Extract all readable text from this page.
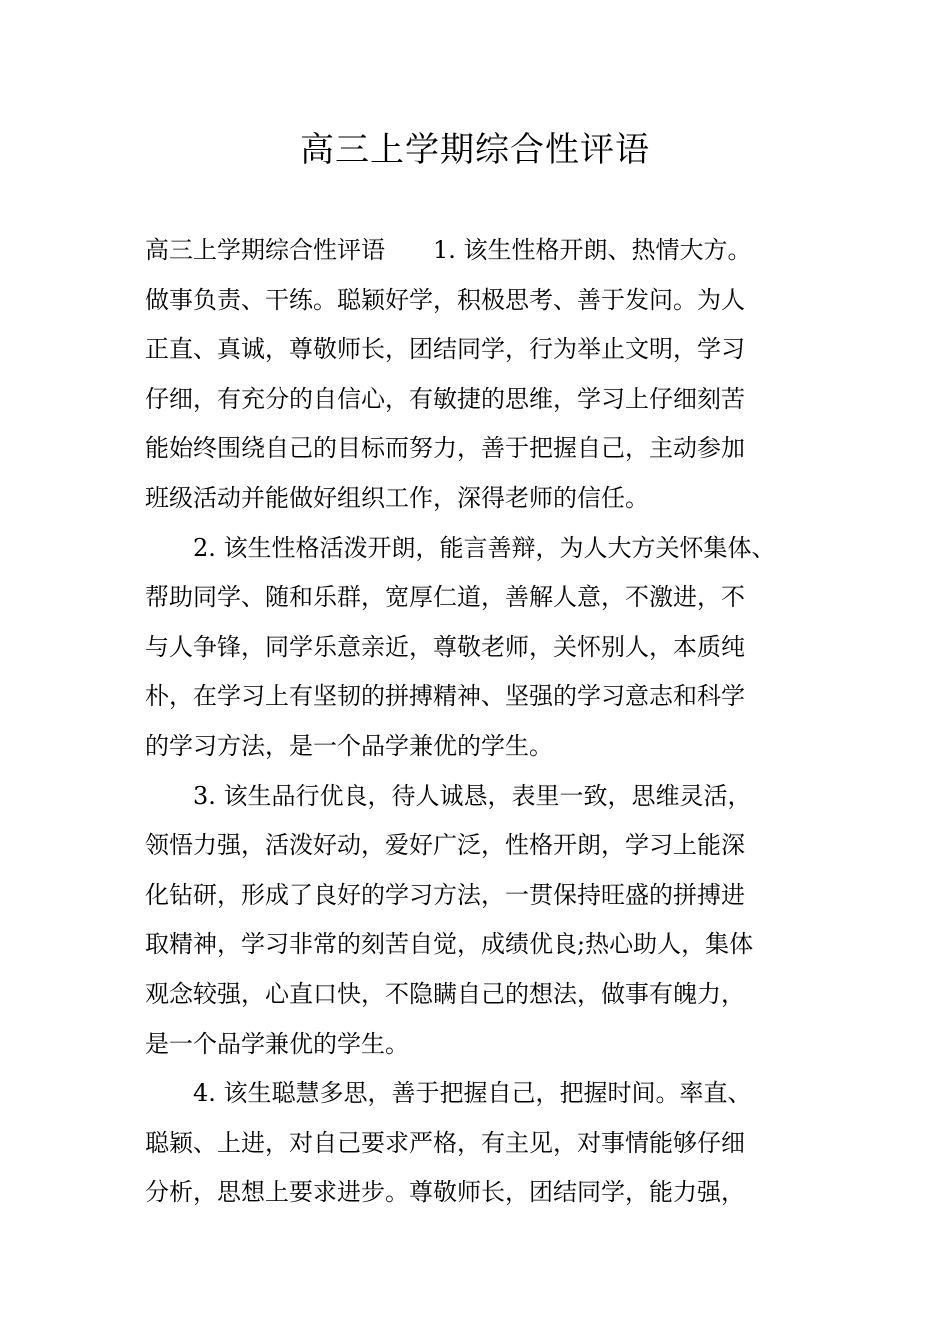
高三上学期综合性评语
高三上学期综合性评语　　1. 该生性格开朗、热情大方。
做事负责、干练。聪颖好学，积极思考、善于发问。为人
正直、真诚，尊敬师长，团结同学，行为举止文明，学习
仔细，有充分的自信心，有敏捷的思维，学习上仔细刻苦
能始终围绕自己的目标而努力，善于把握自己，主动参加
班级活动并能做好组织工作，深得老师的信任。
2. 该生性格活泼开朗，能言善辩，为人大方关怀集体、
帮助同学、随和乐群，宽厚仁道，善解人意，不激进，不
与人争锋，同学乐意亲近，尊敬老师，关怀别人，本质纯
朴，在学习上有坚韧的拼搏精神、坚强的学习意志和科学
的学习方法，是一个品学兼优的学生。
3. 该生品行优良，待人诚恳，表里一致，思维灵活，
领悟力强，活泼好动，爱好广泛，性格开朗，学习上能深
化钻研，形成了良好的学习方法，一贯保持旺盛的拼搏进
取精神，学习非常的刻苦自觉，成绩优良;热心助人，集体
观念较强，心直口快，不隐瞒自己的想法，做事有魄力，
是一个品学兼优的学生。
4. 该生聪慧多思，善于把握自己，把握时间。率直、
聪颖、上进，对自己要求严格，有主见，对事情能够仔细
分析，思想上要求进步。尊敬师长，团结同学，能力强，
